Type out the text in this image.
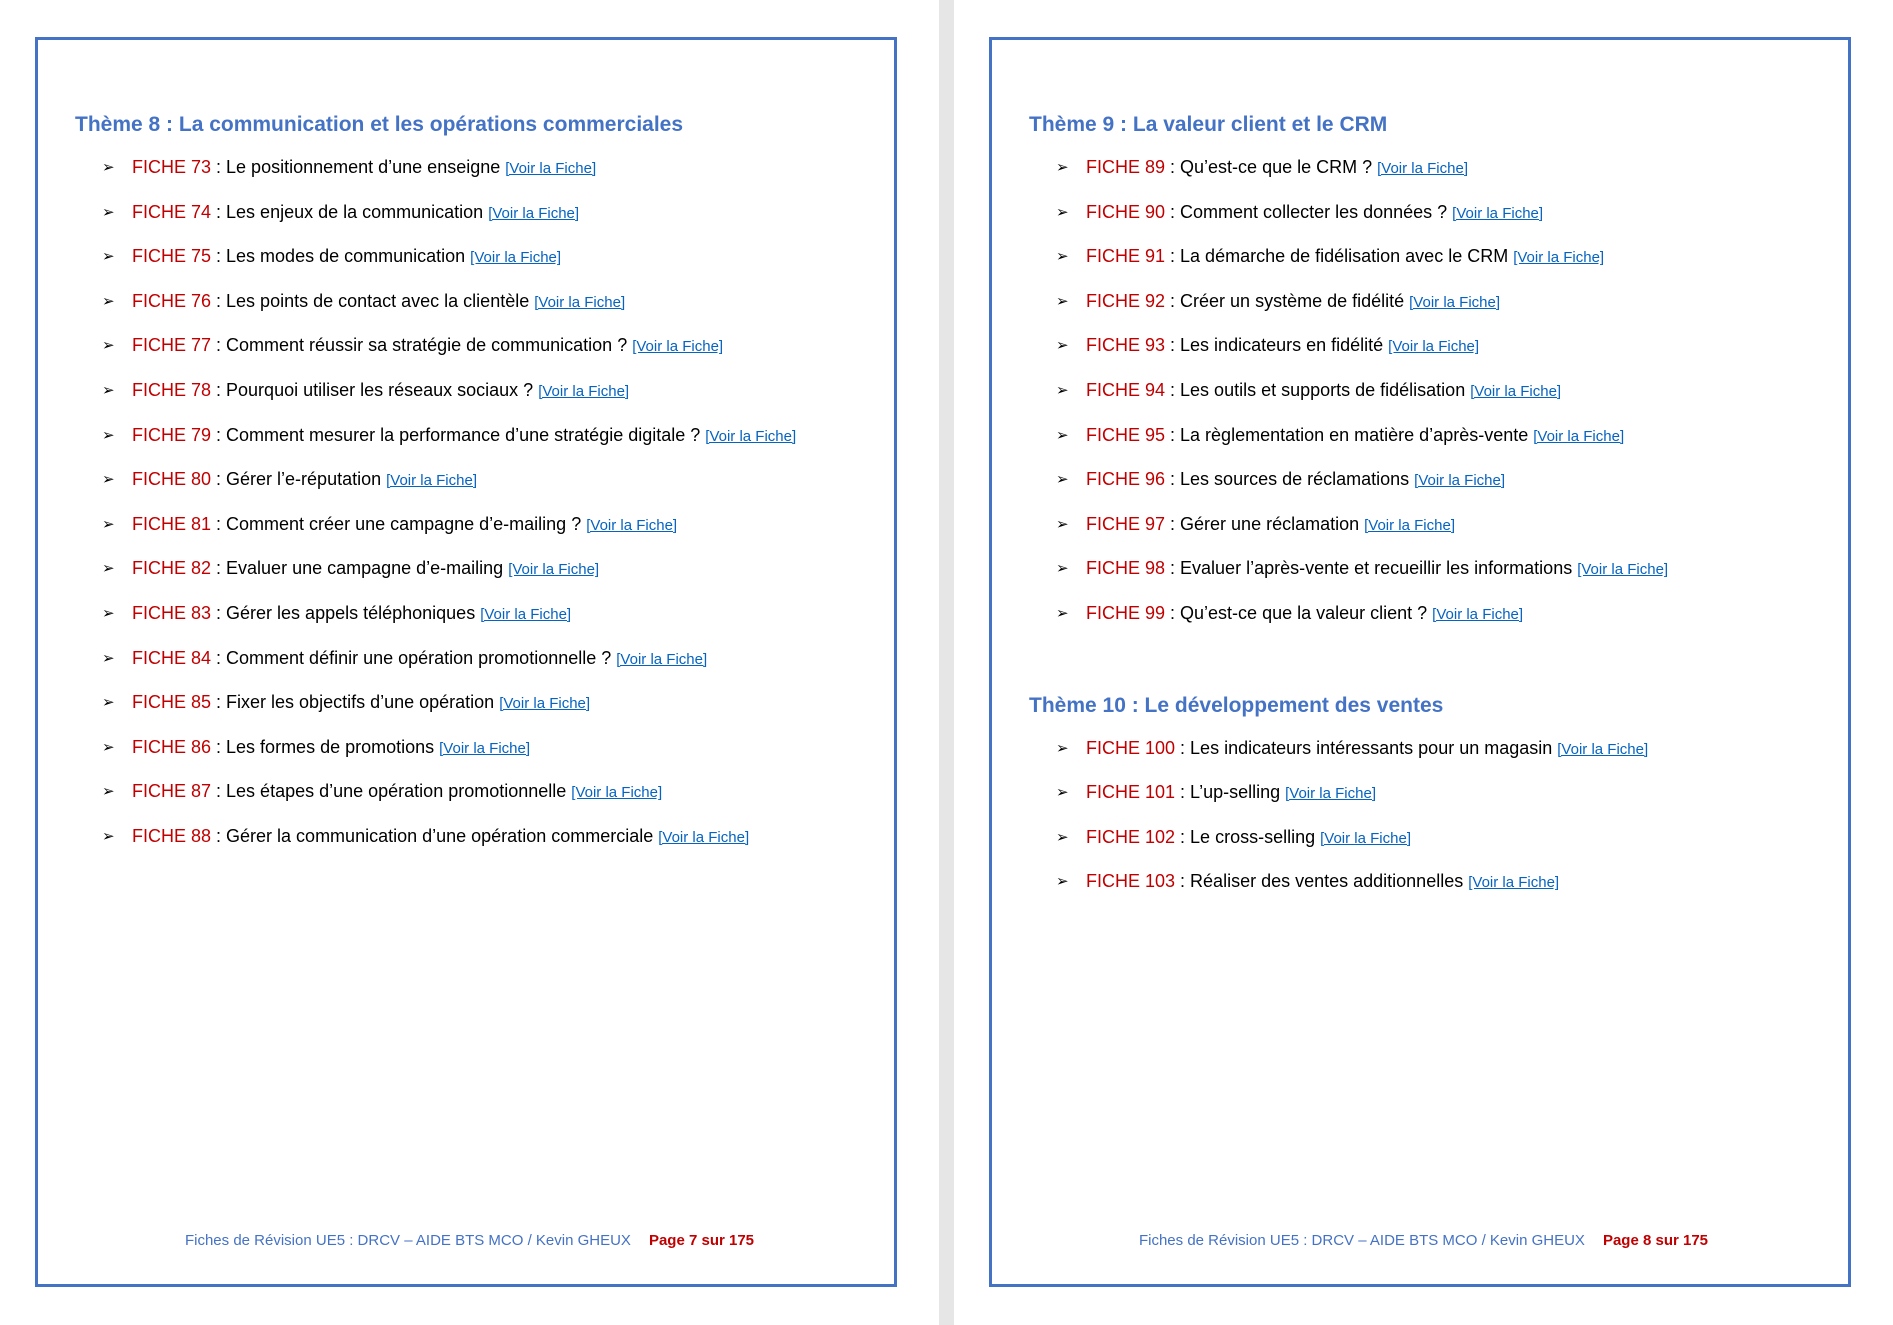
Thème 8 : La communication et les opérations commerciales
➢ FICHE 73 : Le positionnement d’une enseigne [Voir la Fiche]
➢ FICHE 74 : Les enjeux de la communication [Voir la Fiche]
➢ FICHE 75 : Les modes de communication [Voir la Fiche]
➢ FICHE 76 : Les points de contact avec la clientèle [Voir la Fiche]
➢ FICHE 77 : Comment réussir sa stratégie de communication ? [Voir la Fiche]
➢ FICHE 78 : Pourquoi utiliser les réseaux sociaux ? [Voir la Fiche]
➢ FICHE 79 : Comment mesurer la performance d’une stratégie digitale ? [Voir la Fiche]
➢ FICHE 80 : Gérer l’e-réputation [Voir la Fiche]
➢ FICHE 81 : Comment créer une campagne d’e-mailing ? [Voir la Fiche]
➢ FICHE 82 : Evaluer une campagne d’e-mailing [Voir la Fiche]
➢ FICHE 83 : Gérer les appels téléphoniques [Voir la Fiche]
➢ FICHE 84 : Comment définir une opération promotionnelle ? [Voir la Fiche]
➢ FICHE 85 : Fixer les objectifs d’une opération [Voir la Fiche]
➢ FICHE 86 : Les formes de promotions [Voir la Fiche]
➢ FICHE 87 : Les étapes d’une opération promotionnelle [Voir la Fiche]
➢ FICHE 88 : Gérer la communication d’une opération commerciale [Voir la Fiche]
Fiches de Révision UE5 : DRCV – AIDE BTS MCO / Kevin GHEUX Page 7 sur 175
Thème 9 : La valeur client et le CRM
➢ FICHE 89 : Qu’est-ce que le CRM ? [Voir la Fiche]
➢ FICHE 90 : Comment collecter les données ? [Voir la Fiche]
➢ FICHE 91 : La démarche de fidélisation avec le CRM [Voir la Fiche]
➢ FICHE 92 : Créer un système de fidélité [Voir la Fiche]
➢ FICHE 93 : Les indicateurs en fidélité [Voir la Fiche]
➢ FICHE 94 : Les outils et supports de fidélisation [Voir la Fiche]
➢ FICHE 95 : La règlementation en matière d’après-vente [Voir la Fiche]
➢ FICHE 96 : Les sources de réclamations [Voir la Fiche]
➢ FICHE 97 : Gérer une réclamation [Voir la Fiche]
➢ FICHE 98 : Evaluer l’après-vente et recueillir les informations [Voir la Fiche]
➢ FICHE 99 : Qu’est-ce que la valeur client ? [Voir la Fiche]
Thème 10 : Le développement des ventes
➢ FICHE 100 : Les indicateurs intéressants pour un magasin [Voir la Fiche]
➢ FICHE 101 : L’up-selling [Voir la Fiche]
➢ FICHE 102 : Le cross-selling [Voir la Fiche]
➢ FICHE 103 : Réaliser des ventes additionnelles [Voir la Fiche]
Fiches de Révision UE5 : DRCV – AIDE BTS MCO / Kevin GHEUX Page 8 sur 175
